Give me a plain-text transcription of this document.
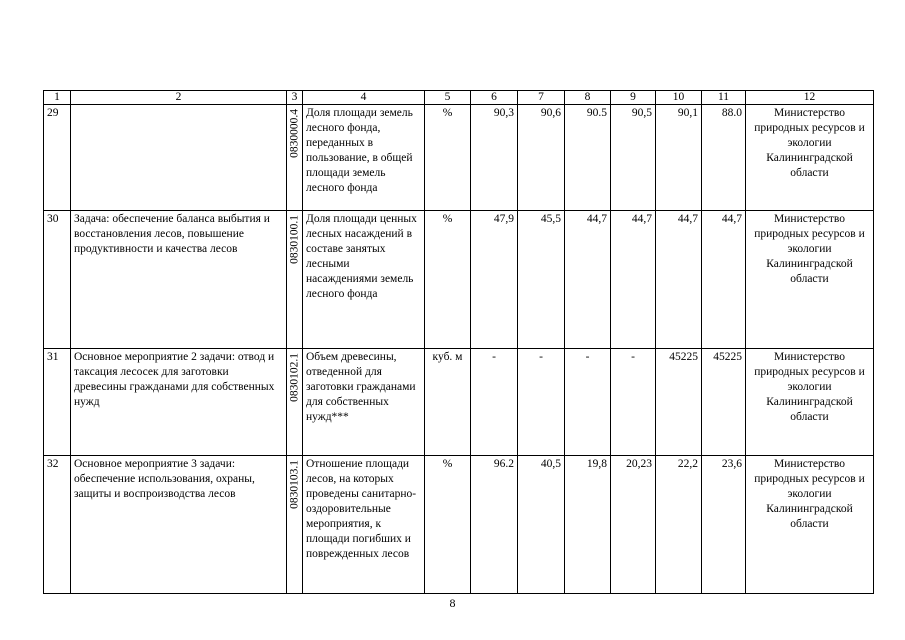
1	2	3	4	5	6	7	8	9	10	11	12
29		0830000.4	Доля площади земель лесного фонда, переданных в пользование, в общей площади земель лесного фонда	%	90,3	90,6	90.5	90,5	90,1	88.0	Министерство природных ресурсов и экологии Калининградской области
30	Задача: обеспечение баланса выбытия и восстановления лесов, повышение продуктивности и качества лесов	0830100.1	Доля площади ценных лесных насаждений в составе занятых лесными насаждениями земель лесного фонда	%	47,9	45,5	44,7	44,7	44,7	44,7	Министерство природных ресурсов и экологии Калининградской области
31	Основное мероприятие 2 задачи: отвод и таксация лесосек для заготовки древесины гражданами для собственных нужд	0830102.1	Объем древесины, отведенной для заготовки гражданами для собственных нужд***	куб. м	-	-	-	-	45225	45225	Министерство природных ресурсов и экологии Калининградской области
32	Основное мероприятие 3 задачи: обеспечение использования, охраны, защиты и воспроизводства лесов	0830103.1	Отношение площади лесов, на которых проведены санитарно-оздоровительные мероприятия, к площади погибших и поврежденных лесов	%	96.2	40,5	19,8	20,23	22,2	23,6	Министерство природных ресурсов и экологии Калининградской области
8
